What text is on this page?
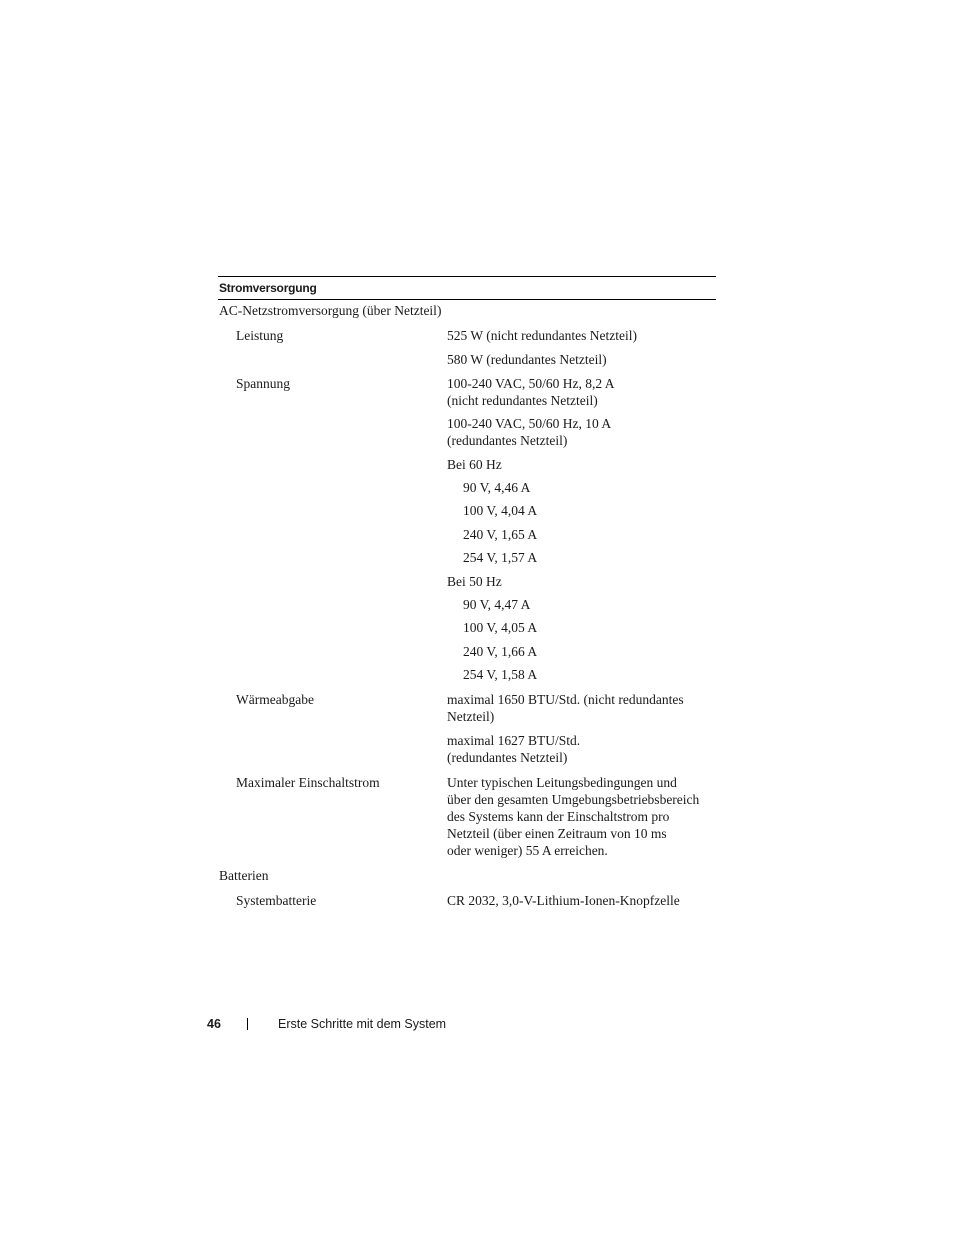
Stromversorgung
AC-Netzstromversorgung (über Netzteil)
Leistung	525 W (nicht redundantes Netzteil)
580 W (redundantes Netzteil)
Spannung	100-240 VAC, 50/60 Hz, 8,2 A
(nicht redundantes Netzteil)
100-240 VAC, 50/60 Hz, 10 A
(redundantes Netzteil)
Bei 60 Hz
90 V, 4,46 A
100 V, 4,04 A
240 V, 1,65 A
254 V, 1,57 A
Bei 50 Hz
90 V, 4,47 A
100 V, 4,05 A
240 V, 1,66 A
254 V, 1,58 A
Wärmeabgabe	maximal 1650 BTU/Std. (nicht redundantes
Netzteil)
maximal 1627 BTU/Std.
(redundantes Netzteil)
Maximaler Einschaltstrom	Unter typischen Leitungsbedingungen und
über den gesamten Umgebungsbetriebsbereich
des Systems kann der Einschaltstrom pro
Netzteil (über einen Zeitraum von 10 ms
oder weniger) 55 A erreichen.
Batterien
Systembatterie	CR 2032, 3,0-V-Lithium-Ionen-Knopfzelle
46	Erste Schritte mit dem System
